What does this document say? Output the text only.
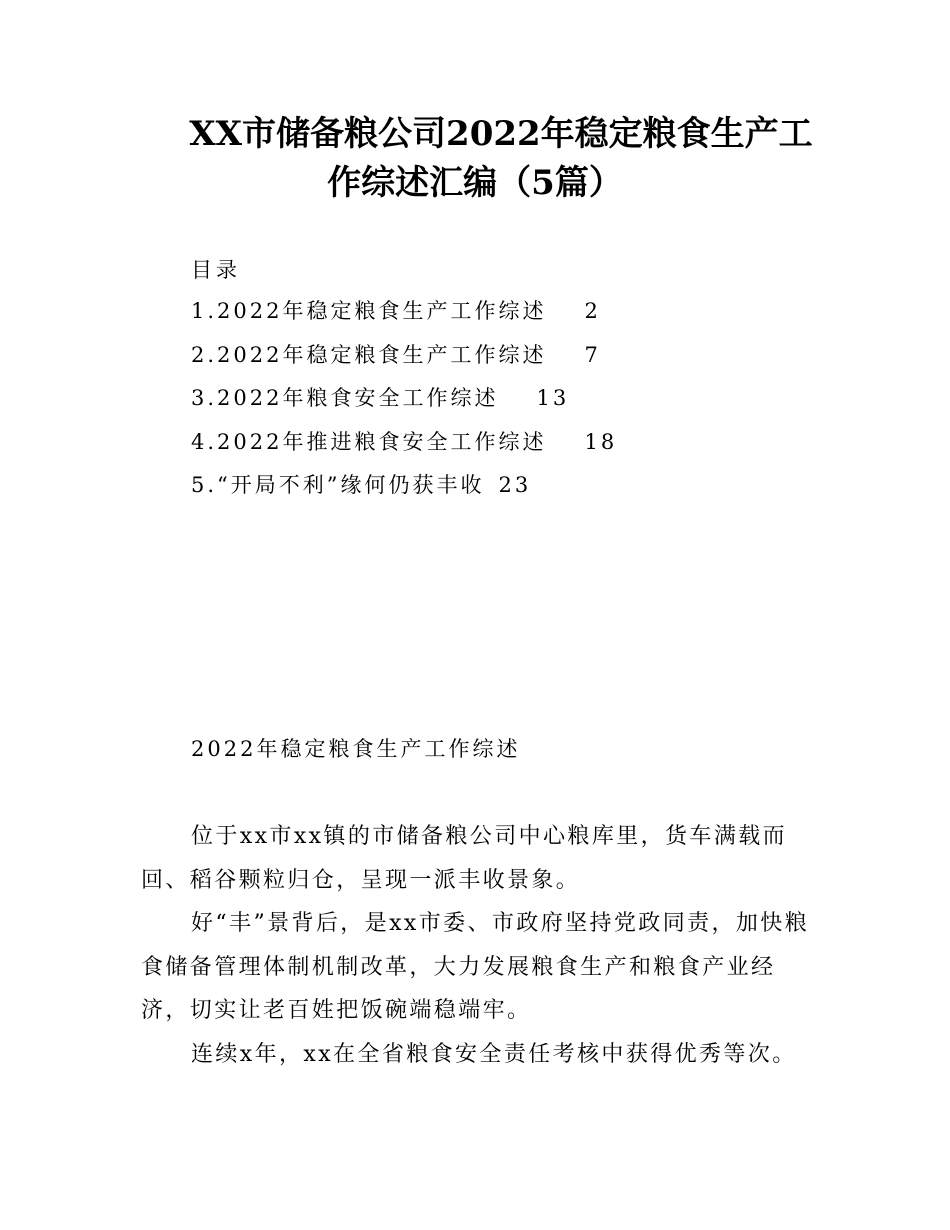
XX市储备粮公司2022年稳定粮食生产工
作综述汇编（5篇）
目录
1.2022年稳定粮食生产工作综述 2
2.2022年稳定粮食生产工作综述 7
3.2022年粮食安全工作综述 13
4.2022年推进粮食安全工作综述 18
5.“开局不利”缘何仍获丰收 23
2022年稳定粮食生产工作综述

位于xx市xx镇的市储备粮公司中心粮库里，货车满载而回、稻谷颗粒归仓，呈现一派丰收景象。

好“丰”景背后，是xx市委、市政府坚持党政同责，加快粮食储备管理体制机制改革，大力发展粮食生产和粮食产业经济，切实让老百姓把饭碗端稳端牢。

连续x年，xx在全省粮食安全责任考核中获得优秀等次。
